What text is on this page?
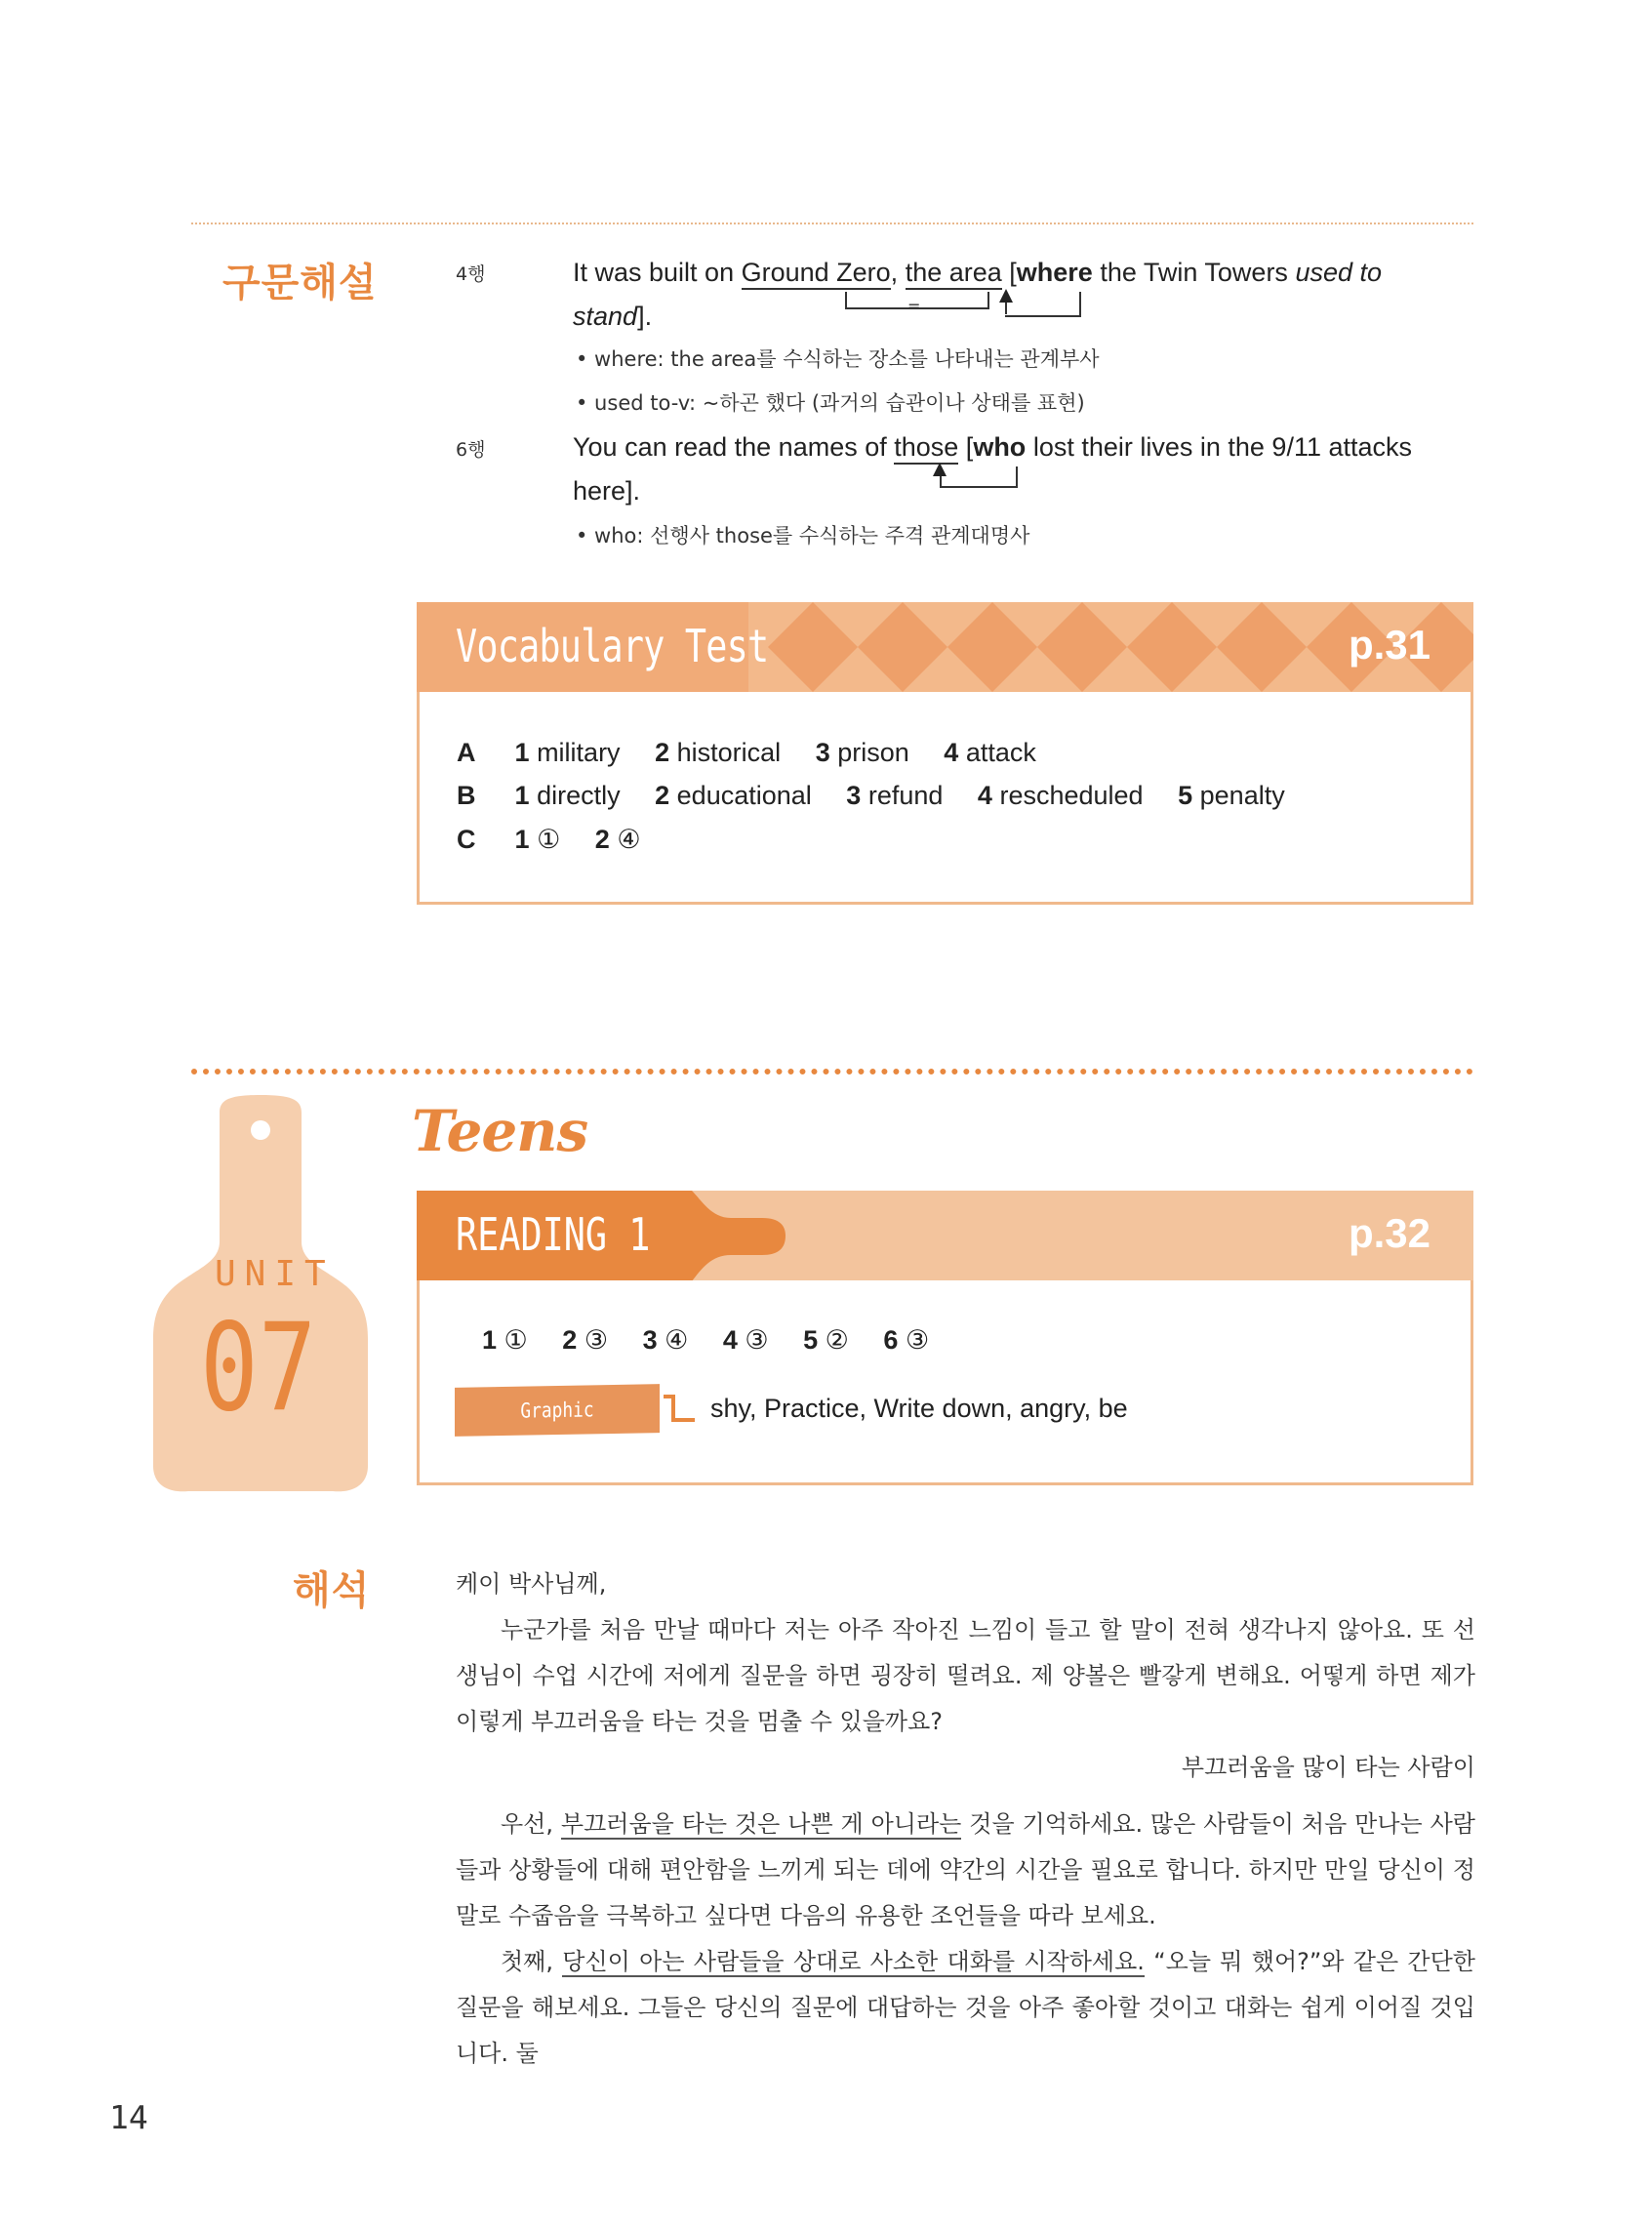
구문해설	4행	It was built on Ground Zero, the area [where the Twin Towers used to
stand].	=
• where: the area를 수식하는 장소를 나타내는 관계부사
• used to-v: ~하곤 했다 (과거의 습관이나 상태를 표현)
6행	You can read the names of those [who lost their lives in the 9/11 attacks
here].
• who: 선행사 those를 수식하는 주격 관계대명사
Vocabulary Test	p.31
A 1 military 2 historical 3 prison 4 attack
B 1 directly 2 educational 3 refund 4 rescheduled 5 penalty
C 1 ① 2 ④
UNIT
07
Teens
READING 1	p.32
1 ① 2 ③ 3 ④ 4 ③ 5 ② 6 ③
Graphic Organizer
shy, Practice, Write down, angry, be
해석	케이 박사님께,
누군가를 처음 만날 때마다 저는 아주 작아진 느낌이 들고 할 말이 전혀 생각나지 않아요. 또 선생님이 수업 시간에 저에게 질문을 하면 굉장히 떨려요. 제 양볼은 빨갛게 변해요. 어떻게 하면 제가 이렇게 부끄러움을 타는 것을 멈출 수 있을까요?
부끄러움을 많이 타는 사람이
우선, 부끄러움을 타는 것은 나쁜 게 아니라는 것을 기억하세요. 많은 사람들이 처음 만나는 사람들과 상황들에 대해 편안함을 느끼게 되는 데에 약간의 시간을 필요로 합니다. 하지만 만일 당신이 정말로 수줍음을 극복하고 싶다면 다음의 유용한 조언들을 따라 보세요.
첫째, 당신이 아는 사람들을 상대로 사소한 대화를 시작하세요. “오늘 뭐 했어?”와 같은 간단한 질문을 해보세요. 그들은 당신의 질문에 대답하는 것을 아주 좋아할 것이고 대화는 쉽게 이어질 것입니다. 둘
14
